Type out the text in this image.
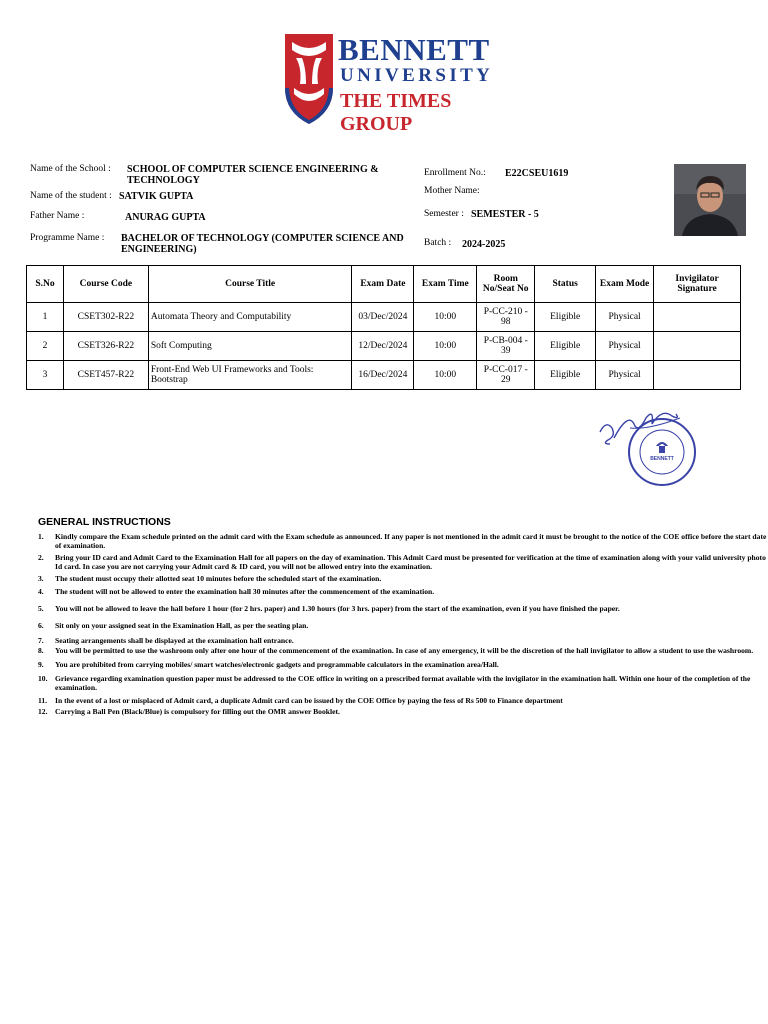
BENNETT
UNIVERSITY
THE TIMES GROUP
Name of the School : SCHOOL OF COMPUTER SCIENCE ENGINEERING & TECHNOLOGY
Name of the student : SATVIK GUPTA
Father Name :	ANURAG GUPTA
Programme Name : BACHELOR OF TECHNOLOGY (COMPUTER SCIENCE AND ENGINEERING)
Enrollment No.: E22CSEU1619
Mother Name:
Semester : SEMESTER - 5
Batch : 2024-2025
S.No	Course Code	Course Title	Exam Date	Exam Time	Room No/Seat No	Status	Exam Mode	Invigilator Signature
1	CSET302-R22	Automata Theory and Computability	03/Dec/2024	10:00	P-CC-210 - 98	Eligible	Physical	
2	CSET326-R22	Soft Computing	12/Dec/2024	10:00	P-CB-004 - 39	Eligible	Physical	
3	CSET457-R22	Front-End Web UI Frameworks and Tools: Bootstrap	16/Dec/2024	10:00	P-CC-017 - 29	Eligible	Physical	
BENNETT
GENERAL INSTRUCTIONS
1. Kindly compare the Exam schedule printed on the admit card with the Exam schedule as announced. If any paper is not mentioned in the admit card it must be brought to the notice of the COE office before the start date of examination.
2. Bring your ID card and Admit Card to the Examination Hall for all papers on the day of examination. This Admit Card must be presented for verification at the time of examination along with your valid university photo Id card. In case you are not carrying your Admit card & ID card, you will not be allowed entry into the examination.
3. The student must occupy their allotted seat 10 minutes before the scheduled start of the examination.
4. The student will not be allowed to enter the examination hall 30 minutes after the commencement of the examination.
5. You will not be allowed to leave the hall before 1 hour (for 2 hrs. paper) and 1.30 hours (for 3 hrs. paper) from the start of the examination, even if you have finished the paper.
6. Sit only on your assigned seat in the Examination Hall, as per the seating plan.
7. Seating arrangements shall be displayed at the examination hall entrance.
8. You will be permitted to use the washroom only after one hour of the commencement of the examination. In case of any emergency, it will be the discretion of the hall invigilator to allow a student to use the washroom.
9. You are prohibited from carrying mobiles/ smart watches/electronic gadgets and programmable calculators in the examination area/Hall.
10. Grievance regarding examination question paper must be addressed to the COE office in writing on a prescribed format available with the invigilator in the examination hall. Within one hour of the completion of the examination.
11. In the event of a lost or misplaced of Admit card, a duplicate Admit card can be issued by the COE Office by paying the fess of Rs 500 to Finance department
12. Carrying a Ball Pen (Black/Blue) is compulsory for filling out the OMR answer Booklet.
